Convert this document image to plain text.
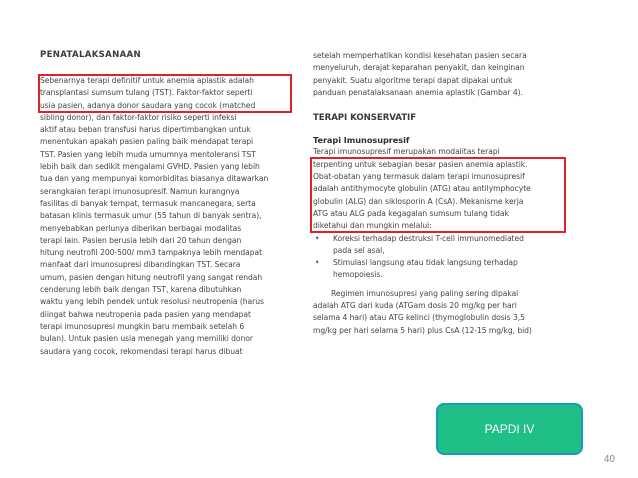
PENATALAKSANAAN

Sebenarnya terapi definitif untuk anemia aplastik adalah

transplantasi sumsum tulang (TST). Faktor-faktor seperti

usia pasien, adanya donor saudara yang cocok (matched

sibling donor), dan faktor-faktor risiko seperti infeksi

aktif atau beban transfusi harus dipertimbangkan untuk

menentukan apakah pasien paling baik mendapat terapi

TST. Pasien yang lebih muda umumnya mentoleransi TST

lebih baik dan sedikit mengalami GVHD. Pasien yang lebih

tua dan yang mempunyai komorbiditas biasanya ditawarkan

serangkaian terapi imunosupresif. Namun kurangnya

fasilitas di banyak tempat, termasuk mancanegara, serta

batasan klinis termasuk umur (55 tahun di banyak sentra),

menyebabkan perlunya diberikan berbagai modalitas

terapi lain. Pasien berusia lebih dari 20 tahun dengan

hitung neutrofil 200-500/ mm3 tampaknya lebih mendapat

manfaat dari imunosupresi dibandingkan TST. Secara

umum, pasien dengan hitung neutrofil yang sangat rendah

cenderung lebih baik dengan TST, karena dibutuhkan

waktu yang lebih pendek untuk resolusi neutropenia (harus

diingat bahwa neutropenia pada pasien yang mendapat

terapi imunosupresi mungkin baru membaik setelah 6

bulan). Untuk pasien usia menegah yang memiliki donor

saudara yang cocok, rekomendasi terapi harus dibuat

setelah memperhatikan kondisi kesehatan pasien secara

menyeluruh, derajat keparahan penyakit, dan keinginan

penyakit. Suatu algoritme terapi dapat dipakai untuk

panduan penatalaksanaan anemia aplastik (Gambar 4).

TERAPI KONSERVATIF

Terapi Imunosupresif

Terapi imunosupresif merupakan modalitas terapi

terpenting untuk sebagian besar pasien anemia aplastik.

Obat-obatan yang termasuk dalam terapi imunosupresif

adalah antithymocyte globulin (ATG) atau antilymphocyte

globulin (ALG) dan siklosporin A (CsA). Mekanisme kerja

ATG atau ALG pada kegagalan sumsum tulang tidak

diketahui dan mungkin melalui:

• Koreksi terhadap destruksi T-cell immunomediated
pada sel asal,
• Stimulasi langsung atau tidak langsung terhadap
hemopoiesis.

Regimen imunosupresi yang paling sering dipakai

adalah ATG dari kuda (ATGam dosis 20 mg/kg per hari

selama 4 hari) atau ATG kelinci (thymoglobulin dosis 3,5

mg/kg per hari selama 5 hari) plus CsA (12-15 mg/kg, bid)

PAPDI IV
40
